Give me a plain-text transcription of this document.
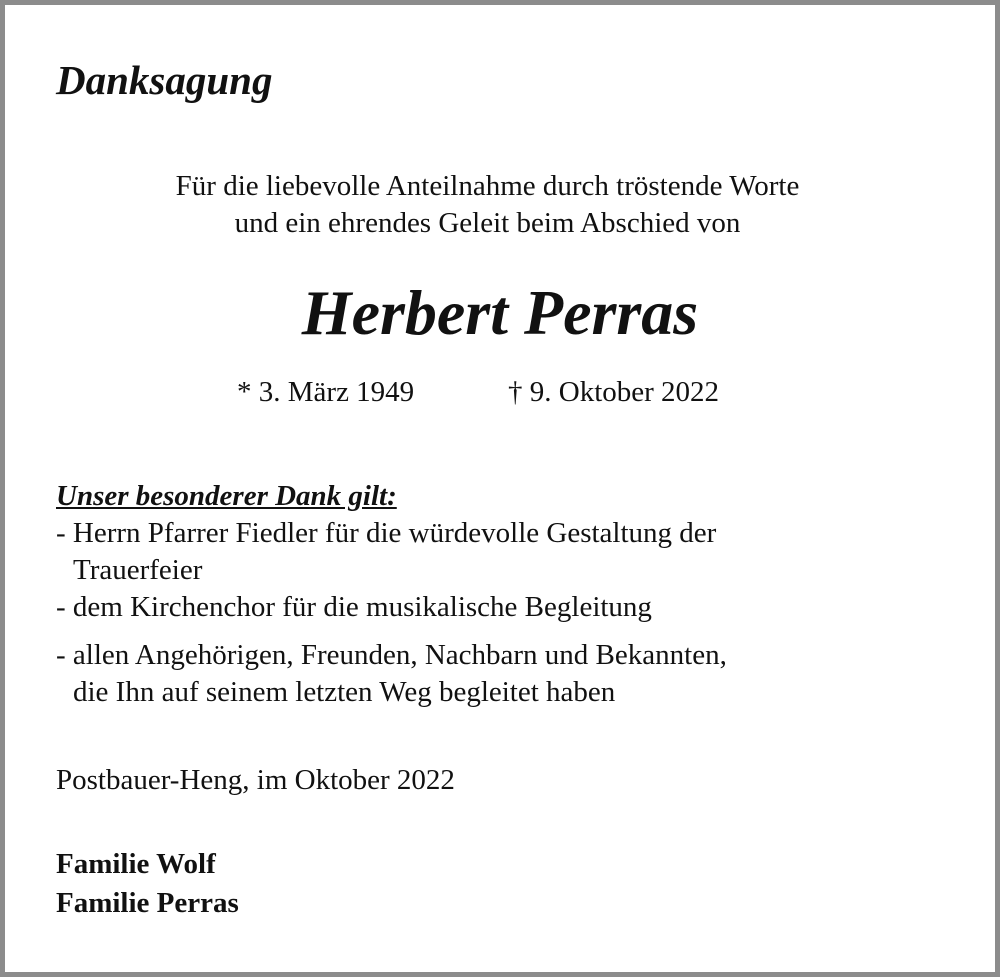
Danksagung
Für die liebevolle Anteilnahme durch tröstende Worte
und ein ehrendes Geleit beim Abschied von
Herbert Perras
* 3. März 1949	† 9. Oktober 2022
Unser besonderer Dank gilt:
- Herrn Pfarrer Fiedler für die würdevolle Gestaltung der
Trauerfeier
- dem Kirchenchor für die musikalische Begleitung
- allen Angehörigen, Freunden, Nachbarn und Bekannten,
die Ihn auf seinem letzten Weg begleitet haben
Postbauer-Heng, im Oktober 2022
Familie Wolf
Familie Perras
